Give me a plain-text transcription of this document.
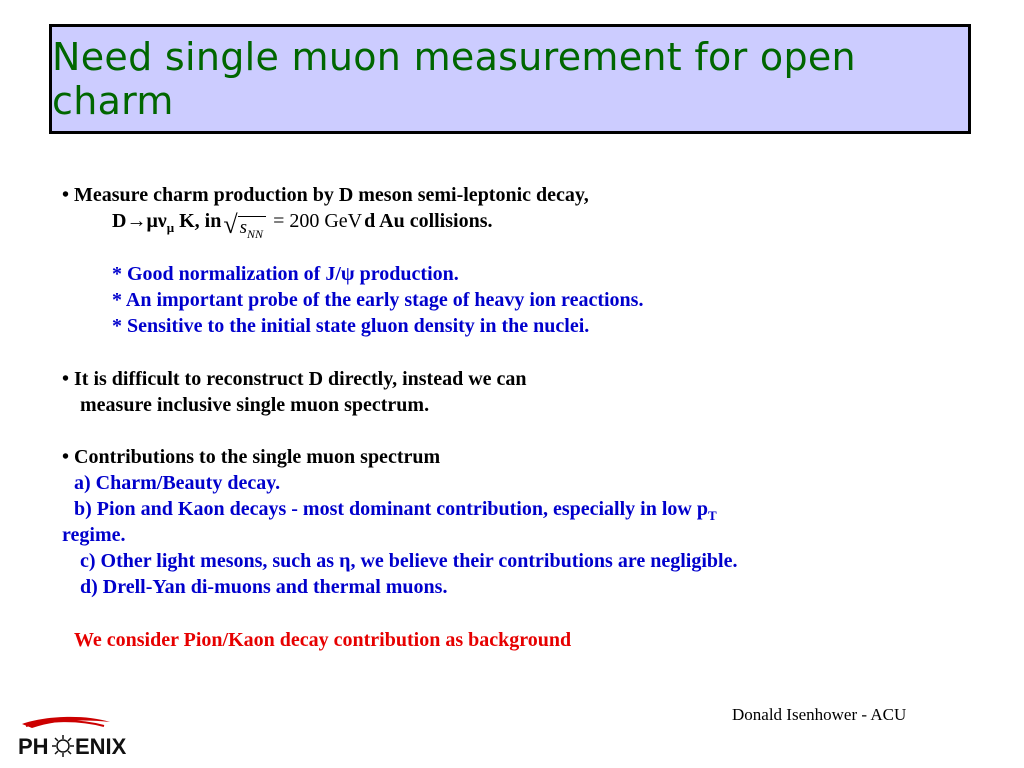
Need single muon measurement for open charm
• Measure charm production by D meson semi-leptonic decay,
$D\to\mu\nu_\mu$ K, in√ $s_{NN} = 200$ GeV d Au collisions.
* Good normalization of J/ψ production.
* An important probe of the early stage of heavy ion reactions.
* Sensitive to the initial state gluon density in the nuclei.
• It is difficult to reconstruct D directly, instead we can
measure inclusive single muon spectrum.
• Contributions to the single muon spectrum
a) Charm/Beauty decay.
b) Pion and Kaon decays - most dominant contribution, especially in low $p_T$
regime.
c) Other light mesons, such as η, we believe their contributions are negligible.
d) Drell-Yan di-muons and thermal muons.
We consider Pion/Kaon decay contribution as background
Donald Isenhower - ACU
PH ENIX
